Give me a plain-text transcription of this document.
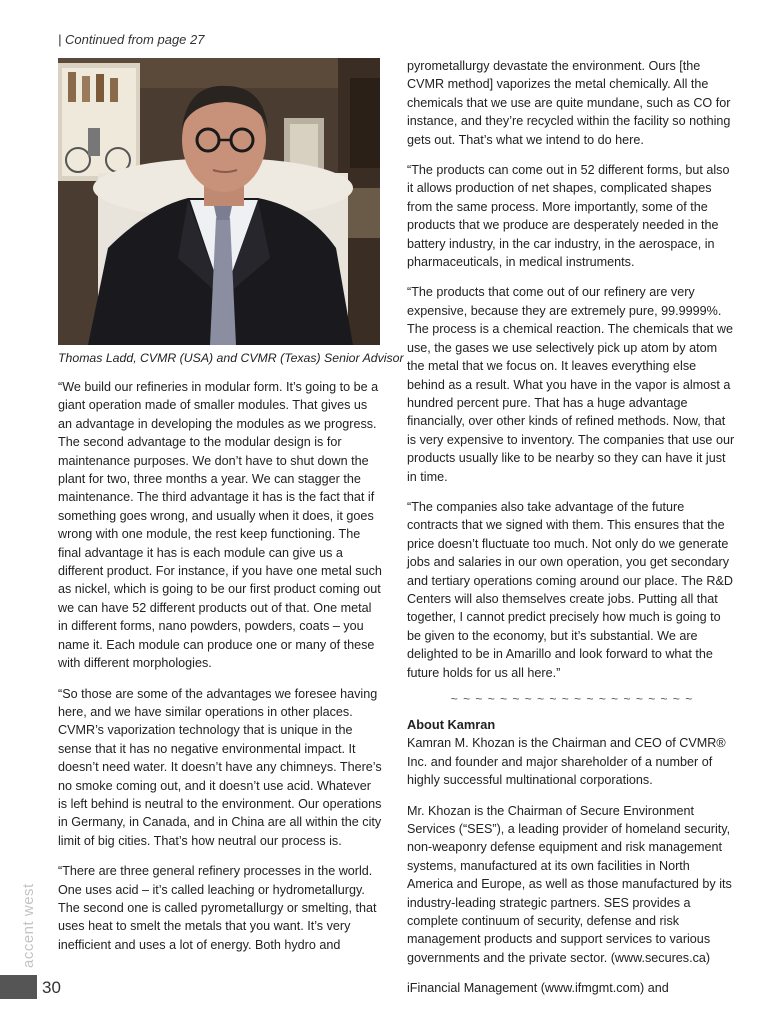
| Continued from page 27
Thomas Ladd, CVMR (USA) and CVMR (Texas) Senior Advisor

“We build our refineries in modular form. It’s going to be a giant operation made of smaller modules. That gives us an advantage in developing the modules as we progress. The second advantage to the modular design is for maintenance purposes. We don’t have to shut down the plant for two, three months a year. We can stagger the maintenance. The third advantage it has is the fact that if something goes wrong, and usually when it does, it goes wrong with one module, the rest keep functioning. The final advantage it has is each module can give us a different product. For instance, if you have one metal such as nickel, which is going to be our first product coming out we can have 52 different products out of that. One metal in different forms, nano powders, powders, coats – you name it. Each module can produce one or many of these with different morphologies.

“So those are some of the advantages we foresee having here, and we have similar operations in other places. CVMR’s vaporization technology that is unique in the sense that it has no negative environmental impact. It doesn’t need water. It doesn’t have any chimneys. There’s no smoke coming out, and it doesn’t use acid. Whatever is left behind is neutral to the environment. Our operations in Germany, in Canada, and in China are all within the city limit of big cities. That’s how neutral our process is.

“There are three general refinery processes in the world. One uses acid – it’s called leaching or hydrometallurgy. The second one is called pyrometallurgy or smelting, that uses heat to smelt the metals that you want. It’s very inefficient and uses a lot of energy. Both hydro and

pyrometallurgy devastate the environment. Ours [the CVMR method] vaporizes the metal chemically. All the chemicals that we use are quite mundane, such as CO for instance, and they’re recycled within the facility so nothing gets out. That’s what we intend to do here.

“The products can come out in 52 different forms, but also it allows production of net shapes, complicated shapes from the same process. More importantly, some of the products that we produce are desperately needed in the battery industry, in the car industry, in the aerospace, in pharmaceuticals, in medical instruments.

“The products that come out of our refinery are very expensive, because they are extremely pure, 99.9999%. The process is a chemical reaction. The chemicals that we use, the gases we use selectively pick up atom by atom the metal that we focus on. It leaves everything else behind as a result. What you have in the vapor is almost a hundred percent pure. That has a huge advantage financially, over other kinds of refined methods. Now, that is very expensive to inventory. The companies that use our products usually like to be nearby so they can have it just in time.

“The companies also take advantage of the future contracts that we signed with them. This ensures that the price doesn’t fluctuate too much. Not only do we generate jobs and salaries in our own operation, you get secondary and tertiary operations coming around our place. The R&D Centers will also themselves create jobs. Putting all that together, I cannot predict precisely how much is going to be given to the economy, but it’s substantial. We are delighted to be in Amarillo and look forward to what the future holds for us all here.”

~ ~ ~ ~ ~ ~ ~ ~ ~ ~ ~ ~ ~ ~ ~ ~ ~ ~ ~ ~
About Kamran

Kamran M. Khozan is the Chairman and CEO of CVMR® Inc. and founder and major shareholder of a number of highly successful multinational corporations.

Mr. Khozan is the Chairman of Secure Environment Services (“SES”), a leading provider of homeland security, non-weaponry defense equipment and risk management systems, manufactured at its own facilities in North America and Europe, as well as those manufactured by its industry-leading strategic partners. SES provides a complete continuum of security, defense and risk management products and support services to various governments and the private sector. (www.secures.ca)

iFinancial Management (www.ifmgmt.com) and

accent west
30
